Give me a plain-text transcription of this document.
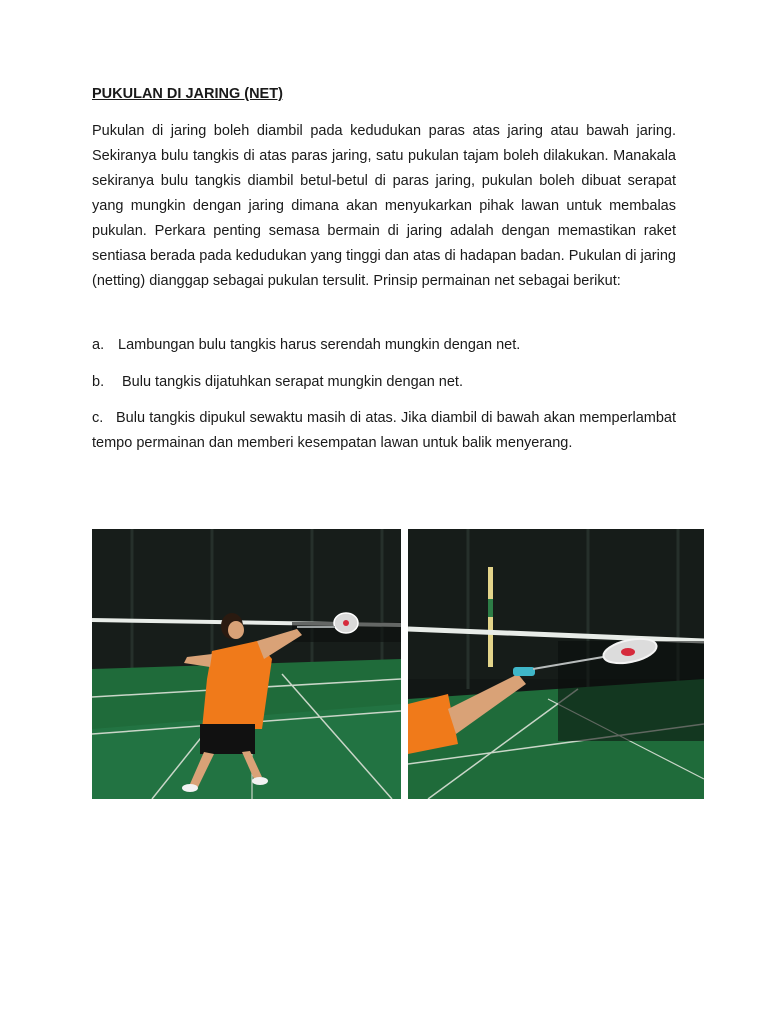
PUKULAN DI JARING (NET)

Pukulan di jaring boleh diambil pada kedudukan paras atas jaring atau bawah jaring. Sekiranya bulu tangkis di atas paras jaring, satu pukulan tajam boleh dilakukan. Manakala sekiranya bulu tangkis diambil betul-betul di paras jaring, pukulan boleh dibuat serapat yang mungkin dengan jaring dimana akan menyukarkan pihak lawan untuk membalas pukulan. Perkara penting semasa bermain di jaring adalah dengan memastikan raket sentiasa berada pada kedudukan yang tinggi dan atas di hadapan badan. Pukulan di jaring (netting) dianggap sebagai pukulan tersulit. Prinsip permainan net sebagai berikut:

a. Lambungan bulu tangkis harus serendah mungkin dengan net.

b. Bulu tangkis dijatuhkan serapat mungkin dengan net.

c. Bulu tangkis dipukul sewaktu masih di atas. Jika diambil di bawah akan memperlambat tempo permainan dan memberi kesempatan lawan untuk balik menyerang.
